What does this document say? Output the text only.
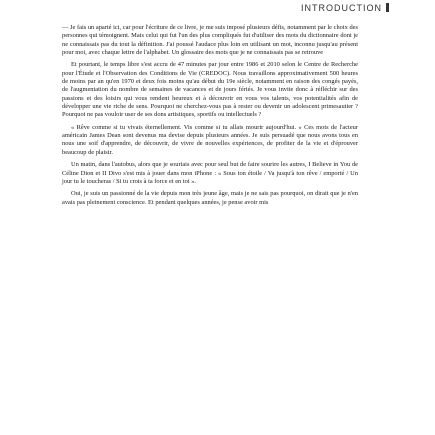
INTRODUCTION

— Je fais un aparté ici, car pour l'écriture de ce livre, je me suis imposé plusieurs défis, notamment par le choix des personnes qui témoignent. Mais celui qui fut l'un des plus compliqués fut d'utiliser des mots du dictionnaire dont je ne connaissais pas du tout la définition. J'ai poussé l'audace plus loin en utilisant un mot, inconnu jusqu'au présent pour moi, avec chaque lettre de l'alphabet. Un glossaire des mots que je ne connaissais pas se retrouve

Et pourtant, le temps libre s'est accru de 47 minutes par jour entre 1986 et 2010 selon le Centre de Recherche pour l'Étude et l'Observation des Conditions de Vie (CREDOC). Nous travaillons approximativement 500 heures de moins par an qu'en 1970 et deux fois moins qu'au début du 19e siècle, notamment en raison des congés payés, de l'augmentation du nombre de semaines de vacances et de jours fériés. Je vous invite donc à réfléchir sur des passions et des loisirs qui vous rendent heureux et à découvrir en vous vos talents, vos potentialités afin de développer une vie riche de sens. Pourquoi ne cherchez-vous pas à rester ou devenir un adolescent primesautier ? Pourquoi ne pas vouloir user de ses dons artistiques, sportifs ou intellectuels ?

« Rêve comme si tu vivais éternellement. Vis comme si tu allais mourir aujourd'hui. » Ces mots de l'acteur américain James Dean sont devenus ma devise depuis plusieurs années. Je suis persuadé que nous avons tous en nous une soif d'apprendre, de découvrir, de vivre de nouvelles expériences, de profiter de la vie et d'éprouver beaucoup de plaisir.

Un matin, dans l'autobus, alors que je souriais avec pour seul but de faire sourire les autres, I Believe in You de Céline Dion et II Divo s'est mis à jouer dans mon iPhone : « Sous ton étoile / Va jusqu'à ton rêve / emporté / Un jour tu le toucheras / Si tu crois à ta force et en toi ».

Oui, je suis un passionné de la vie depuis mon très jeune âge, mais je ne sais pas pourquoi, on dirait que je n'en avais pas pleinement conscience. Et pendant quelques années, je pense avoir mis
